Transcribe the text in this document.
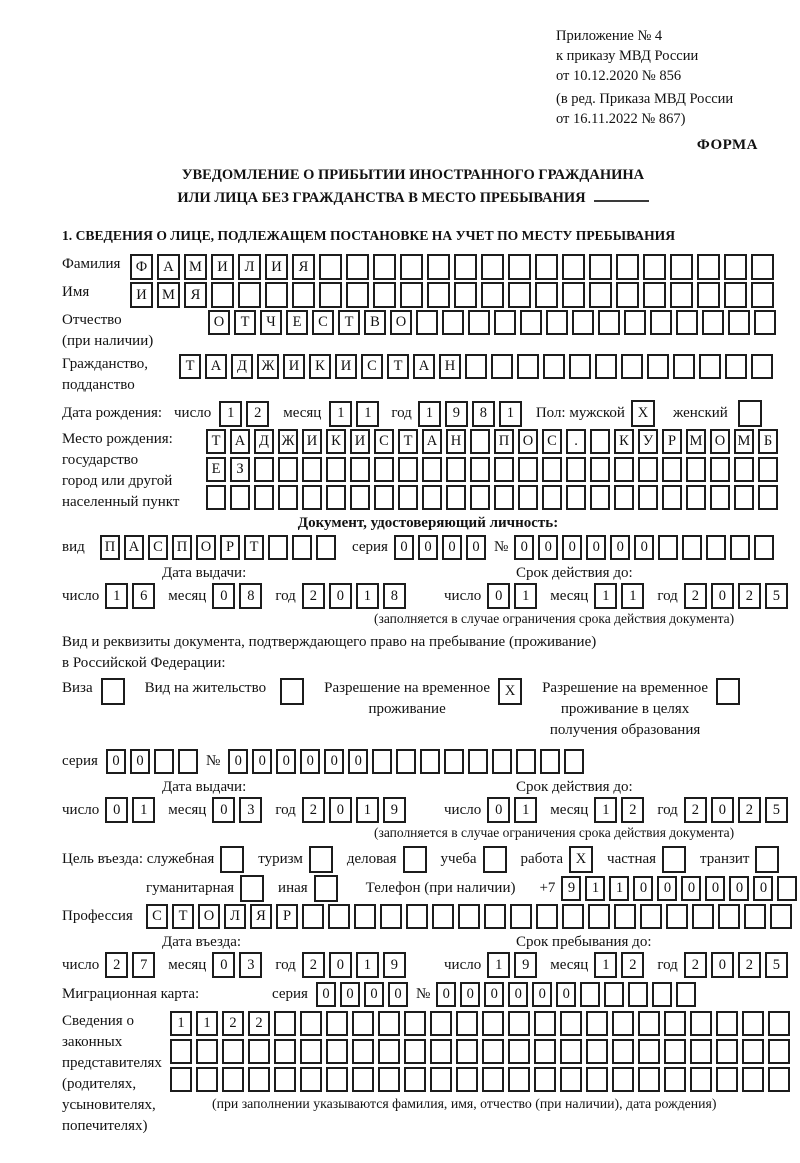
Приложение № 4
к приказу МВД России
от 10.12.2020 № 856
(в ред. Приказа МВД России
от 16.11.2022 № 867)
ФОРМА
УВЕДОМЛЕНИЕ О ПРИБЫТИИ ИНОСТРАННОГО ГРАЖДАНИНА
ИЛИ ЛИЦА БЕЗ ГРАЖДАНСТВА В МЕСТО ПРЕБЫВАНИЯ
1. СВЕДЕНИЯ О ЛИЦЕ, ПОДЛЕЖАЩЕМ ПОСТАНОВКЕ НА УЧЕТ ПО МЕСТУ ПРЕБЫВАНИЯ
Фамилия	Ф	А	М	И	Л	И	Я
Имя	И	М	Я
Отчество
(при наличии)
О	Т	Ч	Е	С	Т	В	О
Гражданство,
подданство
Т	А	Д	Ж И	К	И	С	Т	А	Н
Дата рождения: число	1	2	месяц	1	1	год 1	9	8	1	Пол: мужской X	женский
Место рождения:
государство
город или другой
населенный пункт
Т А Д Ж И К И С	Т А Н	П О С	.	К У	Р М О М Б
Е	З
Документ, удостоверяющий личность:
вид	П А С П О	Р	Т	серия 0	0	0	0 № 0	0	0	0	0	0
Дата выдачи:
число 1	6	месяц 0	8	год 2	0	1	8
Срок действия до:
число 0	1	месяц 1	1	год 2	0	2	5
(заполняется в случае ограничения срока действия документа)
Вид и реквизиты документа, подтверждающего право на пребывание (проживание)
в Российской Федерации:
Виза	Вид на жительство	Разрешение на временное
проживание
X	Разрешение на временное
проживание в целях
получения образования
серия 0	0	№ 0	0	0	0	0	0
Дата выдачи:
число 0	1	месяц 0	3	год 2	0	1	9
Срок действия до:
число 0	1	месяц 1	2	год 2	0	2	5
(заполняется в случае ограничения срока действия документа)
Цель въезда: служебная	туризм	деловая	учеба	работа X	частная	транзит
гуманитарная	иная	Телефон (при наличии) +7 9	1	1	0	0	0	0	0	0
Профессия	С	Т	О	Л	Я	Р
Дата въезда:
число 2	7	месяц 0	3	год 2	0	1	9
Срок пребывания до:
число 1	9	месяц 1	2	год 2	0	2	5
Миграционная карта:	серия 0	0	0	0 № 0	0	0	0	0	0
Сведения о
законных
представителях
(родителях,
усыновителях,
попечителях)
1	1	2	2
(при заполнении указываются фамилия, имя, отчество (при наличии), дата рождения)
